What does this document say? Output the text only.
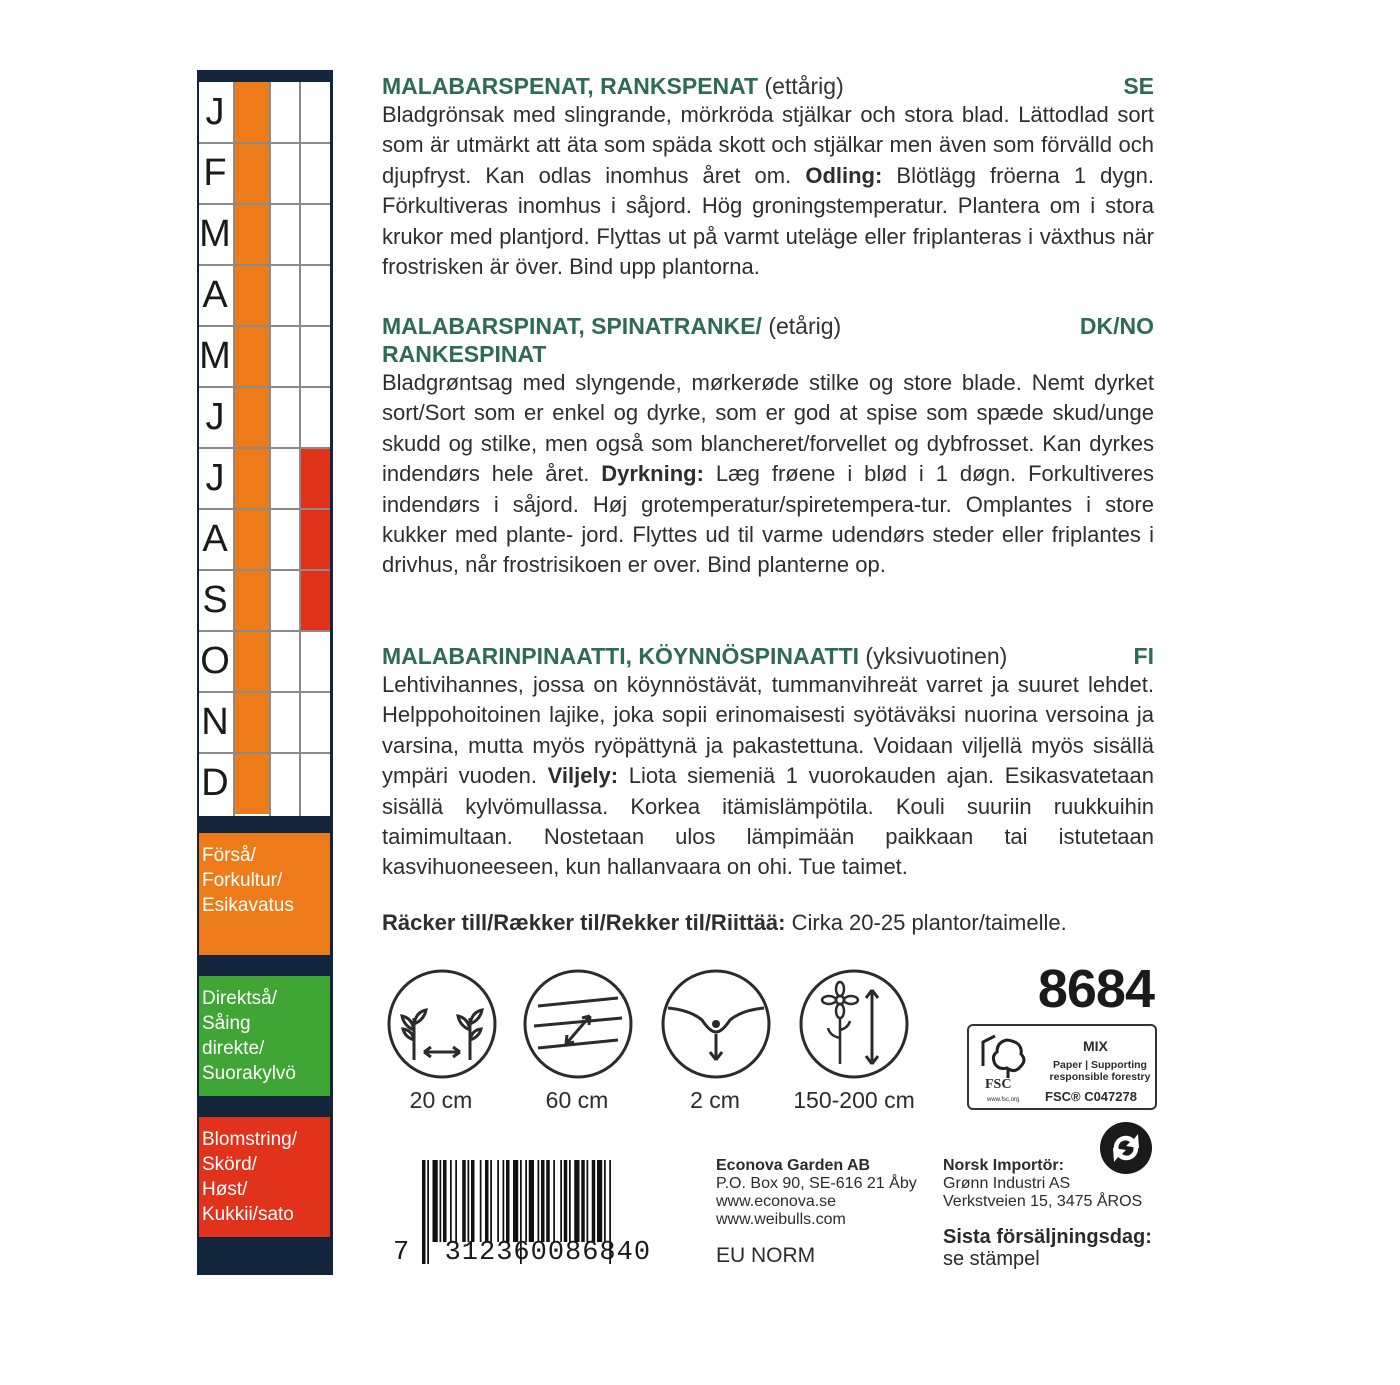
J
F
M
A
M
J
J
A
S
O
N
D
Förså/
Forkultur/
Esikavatus
Direktså/
Såing
direkte/
Suorakylvö
Blomstring/
Skörd/
Høst/
Kukkii/sato
MALABARSPENAT, RANKSPENAT (ettårig)	SE
Bladgrönsak med slingrande, mörkröda stjälkar och stora blad. Lättodlad sort som är utmärkt att äta som späda skott och stjälkar men även som förvälld och djupfryst. Kan odlas inomhus året om. Odling: Blötlägg fröerna 1 dygn. Förkultiveras inomhus i såjord. Hög groningstemperatur. Plantera om i stora krukor med plantjord. Flyttas ut på varmt uteläge eller friplanteras i växthus när frostrisken är över. Bind upp plantorna.
MALABARSPINAT, SPINATRANKE/ (etårig)	DK/NO
RANKESPINAT
Bladgrøntsag med slyngende, mørkerøde stilke og store blade. Nemt dyrket sort/Sort som er enkel og dyrke, som er god at spise som spæde skud/unge skudd og stilke, men også som blancheret/forvellet og dybfrosset. Kan dyrkes indendørs hele året. Dyrkning: Læg frøene i blød i 1 døgn. Forkultiveres indendørs i såjord. Høj grotemperatur/spiretempera-tur. Omplantes i store kukker med plante- jord. Flyttes ud til varme udendørs steder eller friplantes i drivhus, når frostrisikoen er over. Bind planterne op.
MALABARINPINAATTI, KÖYNNÖSPINAATTI (yksivuotinen)	FI
Lehtivihannes, jossa on köynnöstävät, tummanvihreät varret ja suuret lehdet. Helppohoitoinen lajike, joka sopii erinomaisesti syötäväksi nuorina versoina ja varsina, mutta myös ryöpättynä ja pakastettuna. Voidaan viljellä myös sisällä ympäri vuoden. Viljely: Liota siemeniä 1 vuorokauden ajan. Esikasvatetaan sisällä kylvömullassa. Korkea itämislämpötila. Kouli suuriin ruukkuihin taimimultaan. Nostetaan ulos lämpimään paikkaan tai istutetaan kasvihuoneeseen, kun hallanvaara on ohi. Tue taimet.
Räcker till/Rækker til/Rekker til/Riittää: Cirka 20-25 plantor/taimelle.
20 cm	60 cm	2 cm	150-200 cm
8684
FSC
www.fsc.org
MIX
Paper | Supporting responsible forestry
FSC® C047278
7 312360086840
Econova Garden AB
P.O. Box 90, SE-616 21 Åby
www.econova.se
www.weibulls.com
EU NORM
Norsk Importör:
Grønn Industri AS
Verkstveien 15, 3475 ÅROS
Sista försäljningsdag:
se stämpel
